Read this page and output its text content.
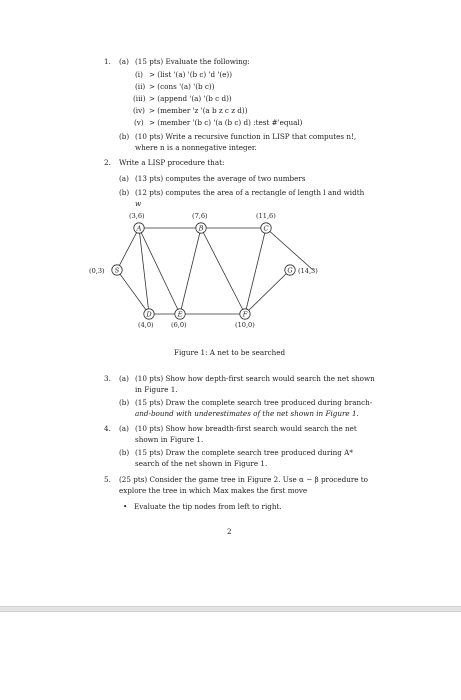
1. (a) (15 pts) Evaluate the following:
(i) > (list '(a) '(b c) 'd '(e))
(ii) > (cons '(a) '(b c))
(iii) > (append '(a) '(b c d))
(iv) > (member 'z '(a b z c z d))
(v) > (member '(b c) '(a (b c) d) :test #'equal)
(b) (10 pts) Write a recursive function in LISP that computes n!,
where n is a nonnegative integer.
2. Write a LISP procedure that:
(a) (13 pts) computes the average of two numbers
(b) (12 pts) computes the area of a rectangle of length l and width
w
S
A	B	C
D	E	F
G
(0,3)
(3,6)	(7,6)	(11,6)
(4,0)	(6,0)	(10,0)
(14,3)
Figure 1: A net to be searched
3. (a) (10 pts) Show how depth-first search would search the net shown
in Figure 1.
(b) (15 pts) Draw the complete search tree produced during branch-
and-bound with underestimates of the net shown in Figure 1.
4. (a) (10 pts) Show how breadth-first search would search the net
shown in Figure 1.
(b) (15 pts) Draw the complete search tree produced during A*
search of the net shown in Figure 1.
5. (25 pts) Consider the game tree in Figure 2. Use α − β procedure to
explore the tree in which Max makes the first move
• Evaluate the tip nodes from left to right.
2
